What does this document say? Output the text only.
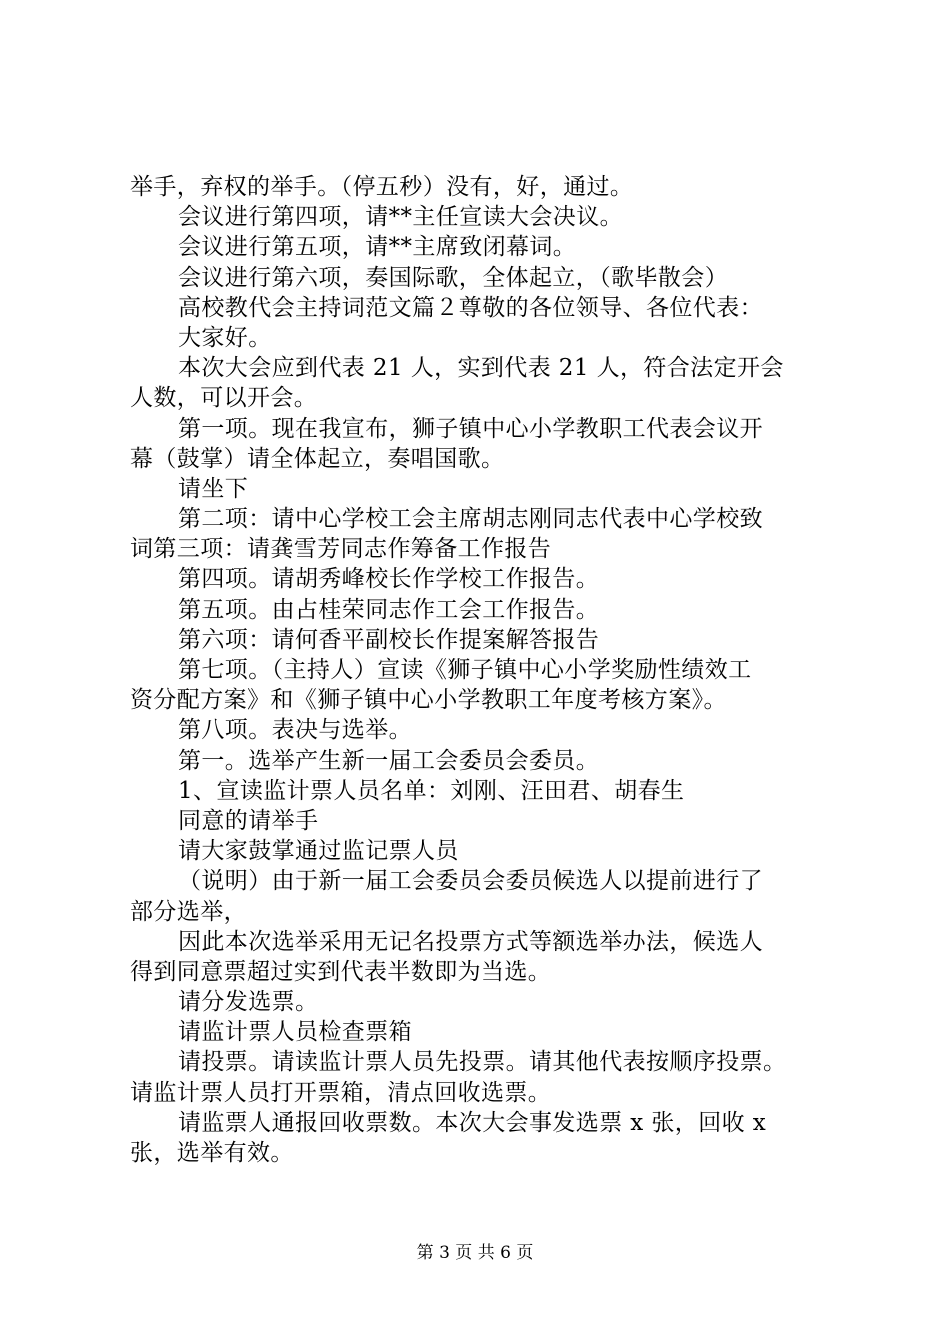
举手，弃权的举手。（停五秒）没有，好，通过。
会议进行第四项，请**主任宣读大会决议。
会议进行第五项，请**主席致闭幕词。
会议进行第六项，奏国际歌，全体起立，（歌毕散会）
高校教代会主持词范文篇２尊敬的各位领导、各位代表：
大家好。
本次大会应到代表 21 人，实到代表 21 人，符合法定开会
人数，可以开会。
第一项。现在我宣布，狮子镇中心小学教职工代表会议开
幕（鼓掌）请全体起立，奏唱国歌。
请坐下
第二项：请中心学校工会主席胡志刚同志代表中心学校致
词第三项：请龚雪芳同志作筹备工作报告
第四项。请胡秀峰校长作学校工作报告。
第五项。由占桂荣同志作工会工作报告。
第六项：请何香平副校长作提案解答报告
第七项。（主持人）宣读《狮子镇中心小学奖励性绩效工
资分配方案》和《狮子镇中心小学教职工年度考核方案》。
第八项。表决与选举。
第一。选举产生新一届工会委员会委员。
1、宣读监计票人员名单：刘刚、汪田君、胡春生
同意的请举手
请大家鼓掌通过监记票人员
（说明）由于新一届工会委员会委员候选人以提前进行了
部分选举，
因此本次选举采用无记名投票方式等额选举办法，候选人
得到同意票超过实到代表半数即为当选。
请分发选票。
请监计票人员检查票箱
请投票。请读监计票人员先投票。请其他代表按顺序投票。
请监计票人员打开票箱，清点回收选票。
请监票人通报回收票数。本次大会事发选票 x 张，回收 x
张，选举有效。
第 3 页 共 6 页
